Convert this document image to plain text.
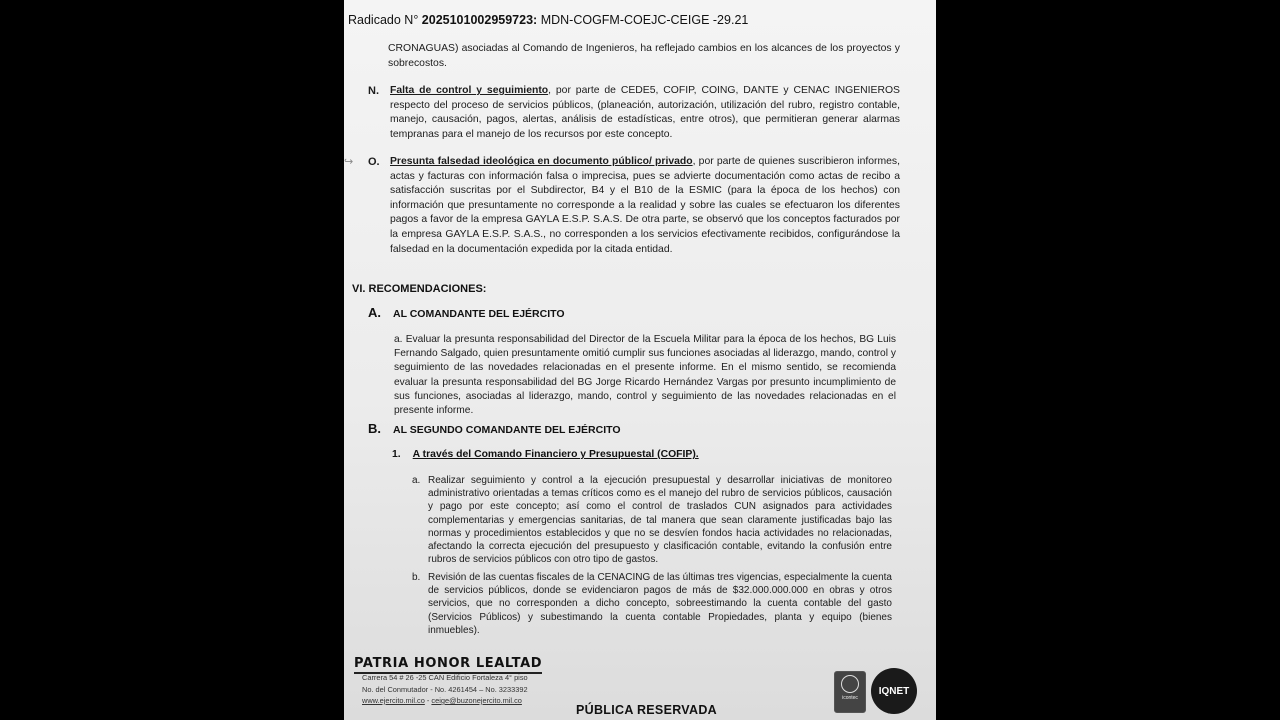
Radicado N° 2025101002959723: MDN-COGFM-COEJC-CEIGE -29.21
CRONAGUAS) asociadas al Comando de Ingenieros, ha reflejado cambios en los alcances de los proyectos y sobrecostos.
N. Falta de control y seguimiento, por parte de CEDE5, COFIP, COING, DANTE y CENAC INGENIEROS respecto del proceso de servicios públicos, (planeación, autorización, utilización del rubro, registro contable, manejo, causación, pagos, alertas, análisis de estadísticas, entre otros), que permitieran generar alarmas tempranas para el manejo de los recursos por este concepto.
↪ O. Presunta falsedad ideológica en documento público/ privado, por parte de quienes suscribieron informes, actas y facturas con información falsa o imprecisa, pues se advierte documentación como actas de recibo a satisfacción suscritas por el Subdirector, B4 y el B10 de la ESMIC (para la época de los hechos) con información que presuntamente no corresponde a la realidad y sobre las cuales se efectuaron los diferentes pagos a favor de la empresa GAYLA E.S.P. S.A.S. De otra parte, se observó que los conceptos facturados por la empresa GAYLA E.S.P. S.A.S., no corresponden a los servicios efectivamente recibidos, configurándose la falsedad en la documentación expedida por la citada entidad.
VI. RECOMENDACIONES:
A. AL COMANDANTE DEL EJÉRCITO
a. Evaluar la presunta responsabilidad del Director de la Escuela Militar para la época de los hechos, BG Luis Fernando Salgado, quien presuntamente omitió cumplir sus funciones asociadas al liderazgo, mando, control y seguimiento de las novedades relacionadas en el presente informe. En el mismo sentido, se recomienda evaluar la presunta responsabilidad del BG Jorge Ricardo Hernández Vargas por presunto incumplimiento de sus funciones, asociadas al liderazgo, mando, control y seguimiento de las novedades relacionadas en el presente informe.
B. AL SEGUNDO COMANDANTE DEL EJÉRCITO
1. A través del Comando Financiero y Presupuestal (COFIP).
a. Realizar seguimiento y control a la ejecución presupuestal y desarrollar iniciativas de monitoreo administrativo orientadas a temas críticos como es el manejo del rubro de servicios públicos, causación y pago por este concepto; así como el control de traslados CUN asignados para actividades complementarias y emergencias sanitarias, de tal manera que sean claramente justificadas bajo las normas y procedimientos establecidos y que no se desvíen fondos hacia actividades no relacionadas, afectando la correcta ejecución del presupuesto y clasificación contable, evitando la confusión entre rubros de servicios públicos con otro tipo de gastos.
b. Revisión de las cuentas fiscales de la CENACING de las últimas tres vigencias, especialmente la cuenta de servicios públicos, donde se evidenciaron pagos de más de $32.000.000.000 en obras y otros servicios, que no corresponden a dicho concepto, sobreestimando la cuenta contable del gasto (Servicios Públicos) y subestimando la cuenta contable Propiedades, planta y equipo (bienes inmuebles).
PATRIA HONOR LEALTAD
Carrera 54 # 26 -25 CAN Edificio Fortaleza 4° piso
No. del Conmutador - No. 4261454 – No. 3233392
www.ejercito.mil.co - ceige@buzonejercito.mil.co
PÚBLICA RESERVADA
icontec
IQNET
